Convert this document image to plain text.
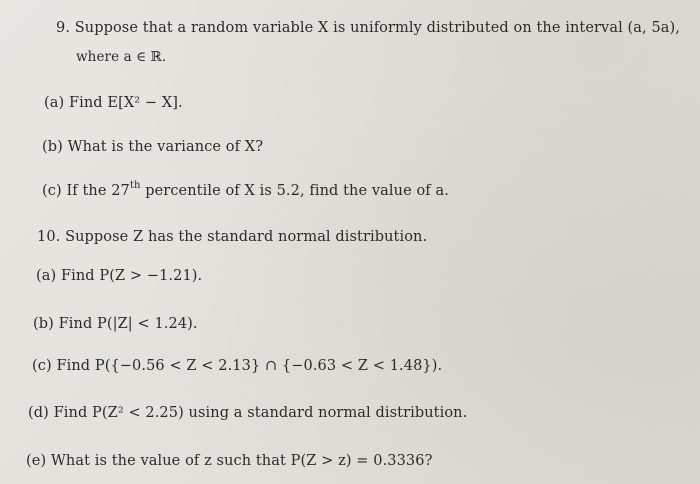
9. Suppose that a random variable X is uniformly distributed on the interval (a, 5a),
where a ∈ ℝ.
(a) Find E[X² − X].
(b) What is the variance of X?
(c) If the 27th percentile of X is 5.2, find the value of a.
10. Suppose Z has the standard normal distribution.
(a) Find P(Z > −1.21).
(b) Find P(|Z| < 1.24).
(c) Find P({−0.56 < Z < 2.13} ∩ {−0.63 < Z < 1.48}).
(d) Find P(Z² < 2.25) using a standard normal distribution.
(e) What is the value of z such that P(Z > z) = 0.3336?
